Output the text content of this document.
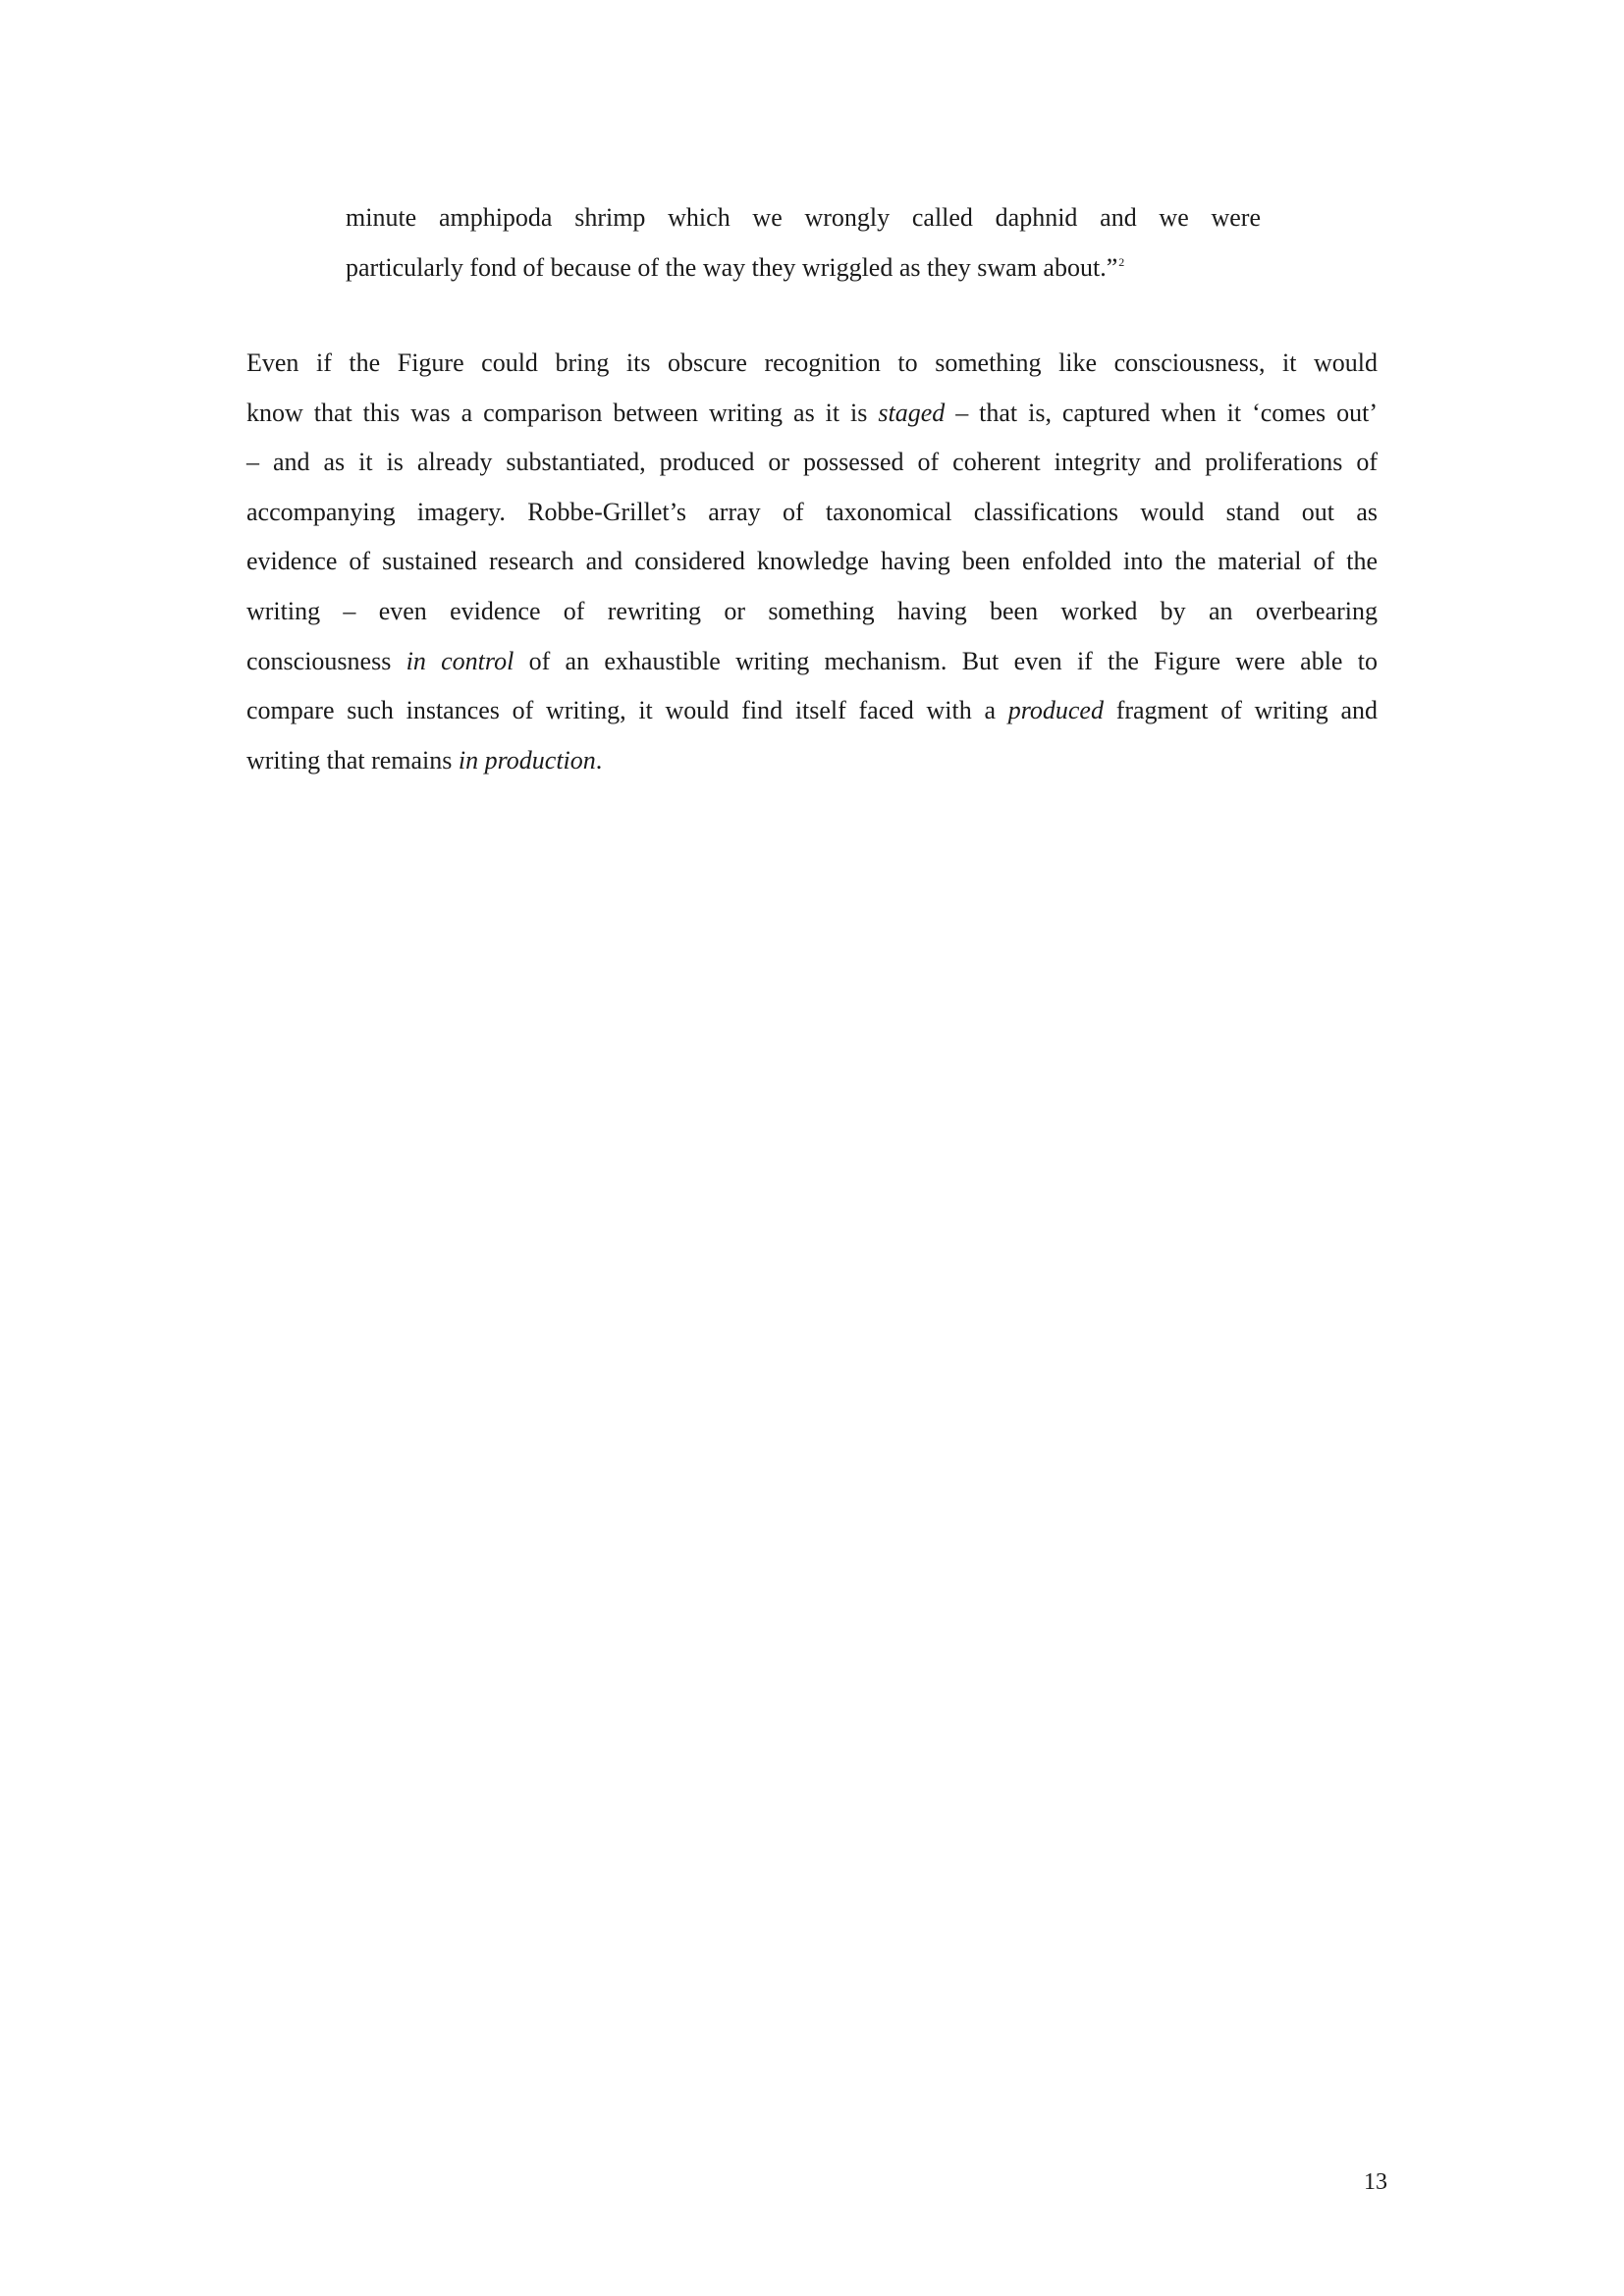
minute amphipoda shrimp which we wrongly called daphnid and we were
particularly fond of because of the way they wriggled as they swam about.”$^2$
Even if the Figure could bring its obscure recognition to something like consciousness, it would
know that this was a comparison between writing as it is staged – that is, captured when it ‘comes out’
– and as it is already substantiated, produced or possessed of coherent integrity and proliferations of
accompanying imagery. Robbe-Grillet’s array of taxonomical classifications would stand out as
evidence of sustained research and considered knowledge having been enfolded into the material of the
writing – even evidence of rewriting or something having been worked by an overbearing
consciousness in control of an exhaustible writing mechanism. But even if the Figure were able to
compare such instances of writing, it would find itself faced with a produced fragment of writing and
writing that remains in production.
13
